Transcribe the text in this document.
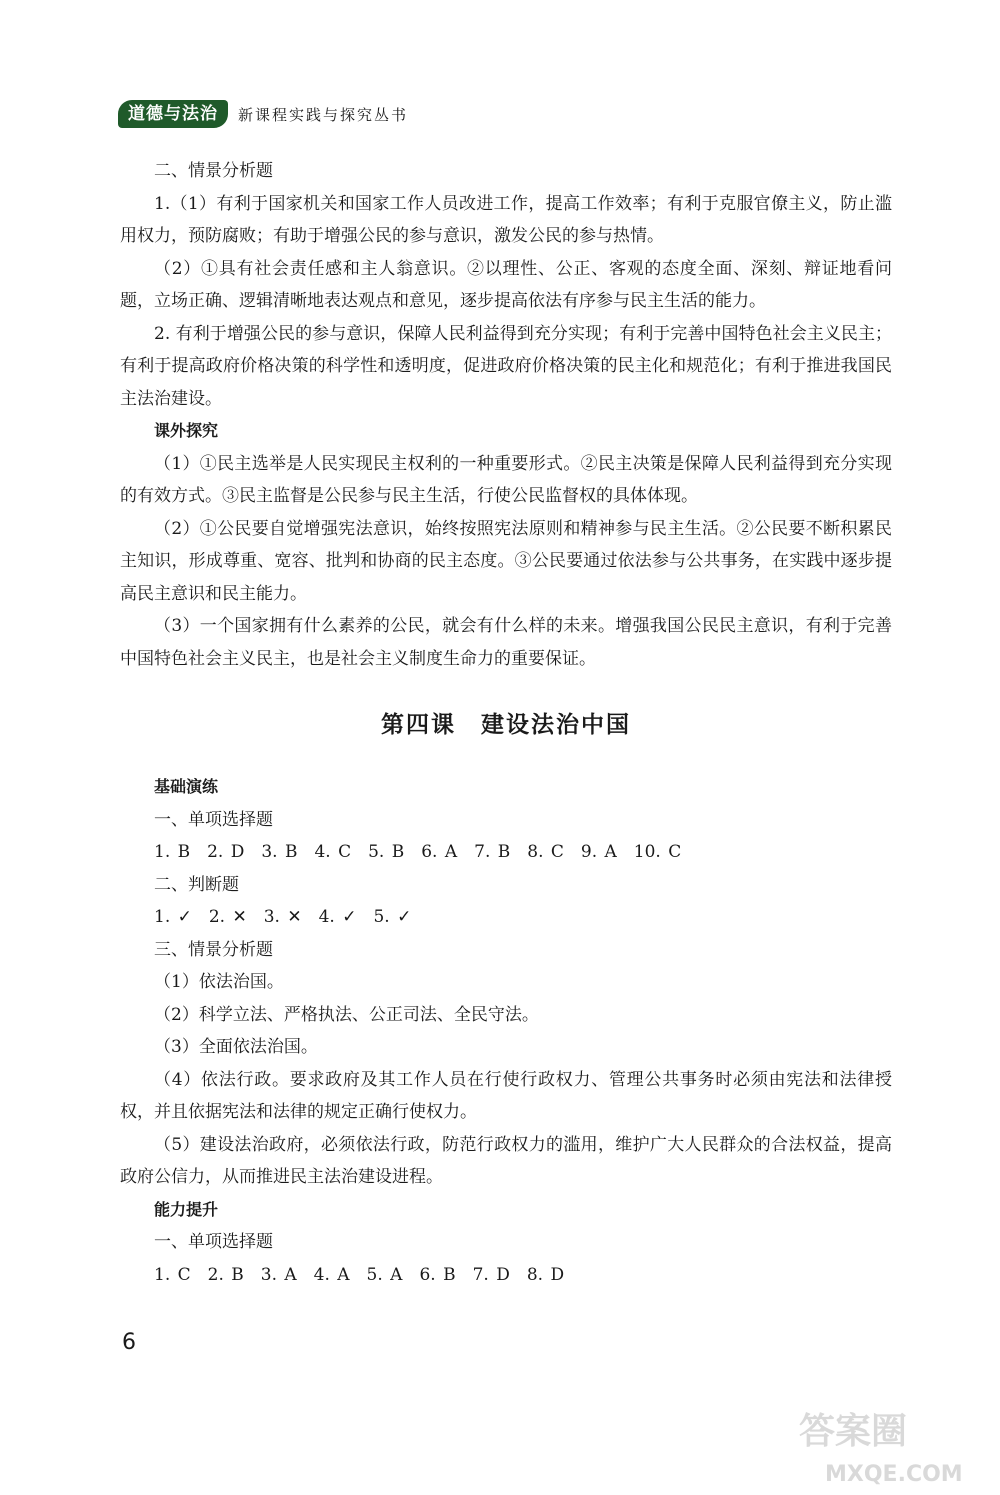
道德与法治	新课程实践与探究丛书

二、情景分析题

1.（1）有利于国家机关和国家工作人员改进工作，提高工作效率；有利于克服官僚主义，防止滥用权力，预防腐败；有助于增强公民的参与意识，激发公民的参与热情。

（2）①具有社会责任感和主人翁意识。②以理性、公正、客观的态度全面、深刻、辩证地看问题，立场正确、逻辑清晰地表达观点和意见，逐步提高依法有序参与民主生活的能力。

2. 有利于增强公民的参与意识，保障人民利益得到充分实现；有利于完善中国特色社会主义民主；有利于提高政府价格决策的科学性和透明度，促进政府价格决策的民主化和规范化；有利于推进我国民主法治建设。

课外探究

（1）①民主选举是人民实现民主权利的一种重要形式。②民主决策是保障人民利益得到充分实现的有效方式。③民主监督是公民参与民主生活，行使公民监督权的具体体现。

（2）①公民要自觉增强宪法意识，始终按照宪法原则和精神参与民主生活。②公民要不断积累民主知识，形成尊重、宽容、批判和协商的民主态度。③公民要通过依法参与公共事务，在实践中逐步提高民主意识和民主能力。

（3）一个国家拥有什么素养的公民，就会有什么样的未来。增强我国公民民主意识，有利于完善中国特色社会主义民主，也是社会主义制度生命力的重要保证。

第四课　建设法治中国

基础演练

一、单项选择题

1. B　2. D　3. B　4. C　5. B　6. A　7. B　8. C　9. A　10. C

二、判断题

1. ✓　2. ✕　3. ✕　4. ✓　5. ✓

三、情景分析题

（1）依法治国。

（2）科学立法、严格执法、公正司法、全民守法。

（3）全面依法治国。

（4）依法行政。要求政府及其工作人员在行使行政权力、管理公共事务时必须由宪法和法律授权，并且依据宪法和法律的规定正确行使权力。

（5）建设法治政府，必须依法行政，防范行政权力的滥用，维护广大人民群众的合法权益，提高政府公信力，从而推进民主法治建设进程。

能力提升

一、单项选择题

1. C　2. B　3. A　4. A　5. A　6. B　7. D　8. D

6
答案圈
MXQE.COM
